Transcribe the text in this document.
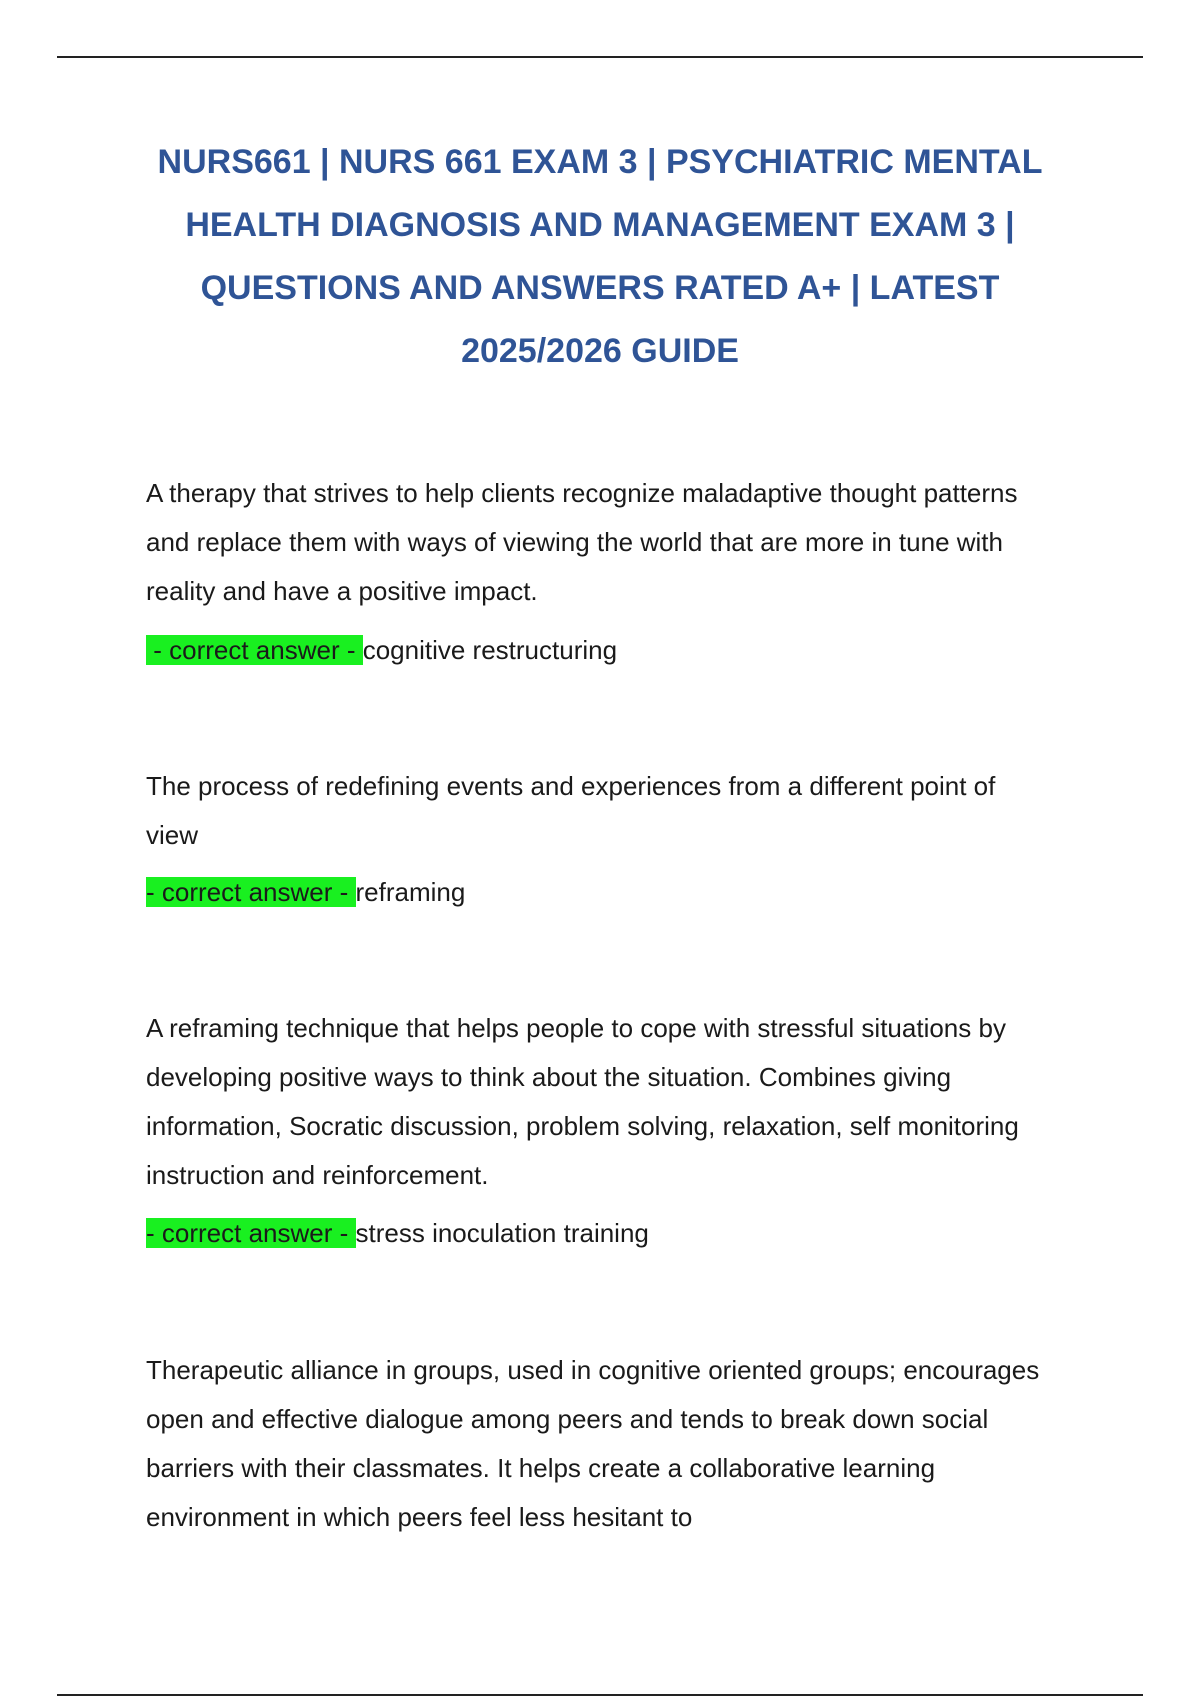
NURS661 | NURS 661 EXAM 3 | PSYCHIATRIC MENTAL HEALTH DIAGNOSIS AND MANAGEMENT EXAM 3 | QUESTIONS AND ANSWERS RATED A+ | LATEST 2025/2026 GUIDE

A therapy that strives to help clients recognize maladaptive thought patterns and replace them with ways of viewing the world that are more in tune with reality and have a positive impact.

- correct answer - cognitive restructuring

The process of redefining events and experiences from a different point of view

- correct answer - reframing

A reframing technique that helps people to cope with stressful situations by developing positive ways to think about the situation. Combines giving information, Socratic discussion, problem solving, relaxation, self monitoring instruction and reinforcement.

- correct answer - stress inoculation training

Therapeutic alliance in groups, used in cognitive oriented groups; encourages open and effective dialogue among peers and tends to break down social barriers with their classmates. It helps create a collaborative learning environment in which peers feel less hesitant to
